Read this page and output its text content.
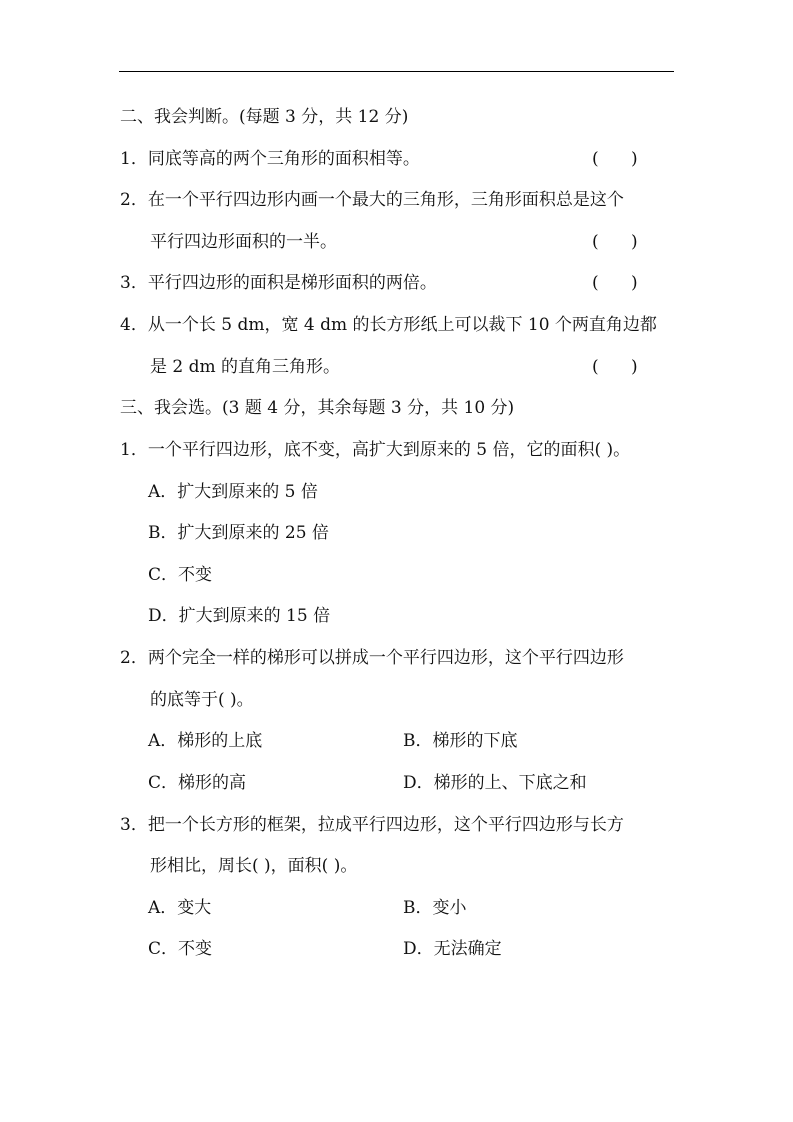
二、我会判断。(每题 3 分，共 12 分)
1．同底等高的两个三角形的面积相等。	(      )
2．在一个平行四边形内画一个最大的三角形，三角形面积总是这个
平行四边形面积的一半。	(      )
3．平行四边形的面积是梯形面积的两倍。	(      )
4．从一个长 5 dm，宽 4 dm 的长方形纸上可以裁下 10 个两直角边都
是 2 dm 的直角三角形。	(      )
三、我会选。(3 题 4 分，其余每题 3 分，共 10 分)
1．一个平行四边形，底不变，高扩大到原来的 5 倍，它的面积( )。
A．扩大到原来的 5 倍
B．扩大到原来的 25 倍
C．不变
D．扩大到原来的 15 倍
2．两个完全一样的梯形可以拼成一个平行四边形，这个平行四边形
的底等于( )。
A．梯形的上底	B．梯形的下底
C．梯形的高	D．梯形的上、下底之和
3．把一个长方形的框架，拉成平行四边形，这个平行四边形与长方
形相比，周长( )，面积( )。
A．变大	B．变小
C．不变	D．无法确定
